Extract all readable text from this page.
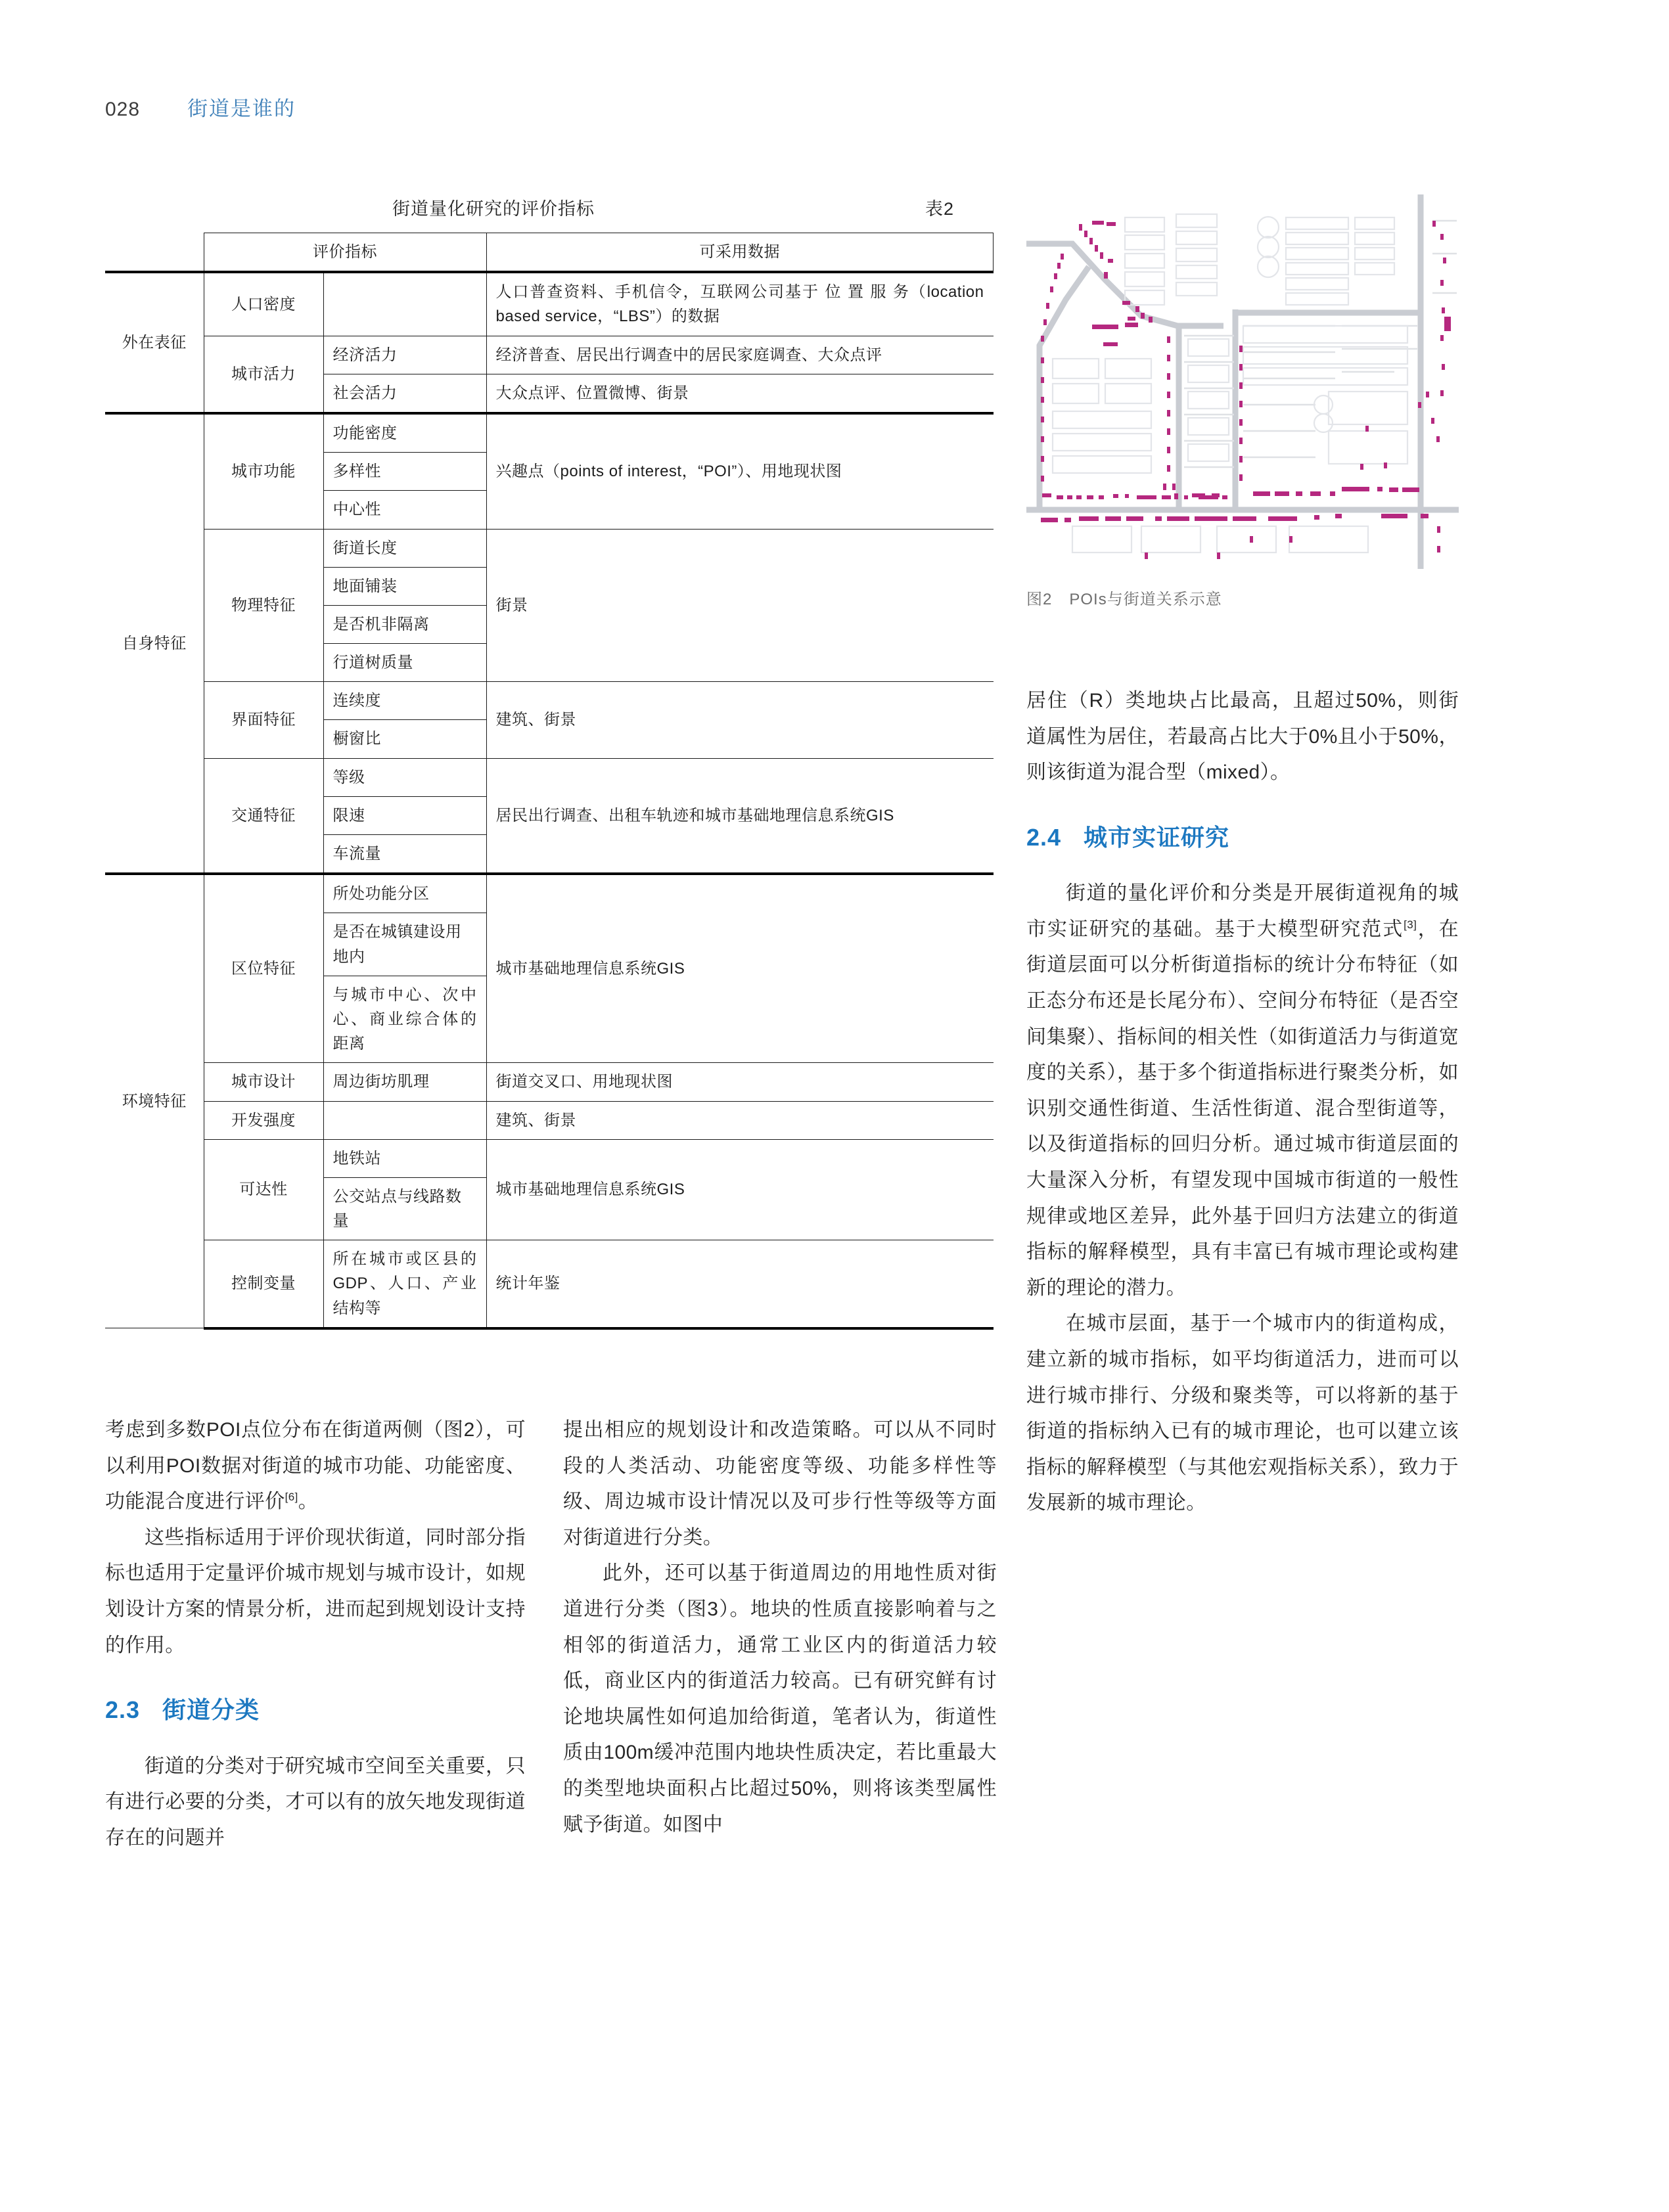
028 街道是谁的
街道量化研究的评价指标	表2
	评价指标		可采用数据
外在表征	人口密度		人口普查资料、手机信令，互联网公司基于 位 置 服 务（location based service，“LBS”）的数据
	城市活力	经济活力	经济普查、居民出行调查中的居民家庭调查、大众点评
		社会活力	大众点评、位置微博、街景
自身特征	城市功能	功能密度	兴趣点（points of interest，“POI”）、用地现状图
		多样性	
		中心性	
	物理特征	街道长度	街景
		地面铺装	
		是否机非隔离	
		行道树质量	
	界面特征	连续度	建筑、街景
		橱窗比	
	交通特征	等级	居民出行调查、出租车轨迹和城市基础地理信息系统GIS
		限速	
		车流量	
环境特征	区位特征	所处功能分区	城市基础地理信息系统GIS
		是否在城镇建设用地内	
		与城市中心、次中心、商业综合体的距离	
	城市设计	周边街坊肌理	街道交叉口、用地现状图
	开发强度		建筑、街景
	可达性	地铁站	城市基础地理信息系统GIS
		公交站点与线路数量	
	控制变量	所在城市或区县的GDP、人口、产业结构等	统计年鉴
图2 POIs与街道关系示意

居住（R）类地块占比最高，且超过50%，则街道属性为居住，若最高占比大于0%且小于50%，则该街道为混合型（mixed）。

2.4 城市实证研究

街道的量化评价和分类是开展街道视角的城市实证研究的基础。基于大模型研究范式[3]，在街道层面可以分析街道指标的统计分布特征（如正态分布还是长尾分布）、空间分布特征（是否空间集聚）、指标间的相关性（如街道活力与街道宽度的关系），基于多个街道指标进行聚类分析，如识别交通性街道、生活性街道、混合型街道等，以及街道指标的回归分析。通过城市街道层面的大量深入分析，有望发现中国城市街道的一般性规律或地区差异，此外基于回归方法建立的街道指标的解释模型，具有丰富已有城市理论或构建新的理论的潜力。

在城市层面，基于一个城市内的街道构成，建立新的城市指标，如平均街道活力，进而可以进行城市排行、分级和聚类等，可以将新的基于街道的指标纳入已有的城市理论，也可以建立该指标的解释模型（与其他宏观指标关系），致力于发展新的城市理论。

考虑到多数POI点位分布在街道两侧（图2），可以利用POI数据对街道的城市功能、功能密度、功能混合度进行评价[6]。

这些指标适用于评价现状街道，同时部分指标也适用于定量评价城市规划与城市设计，如规划设计方案的情景分析，进而起到规划设计支持的作用。

2.3 街道分类

街道的分类对于研究城市空间至关重要，只有进行必要的分类，才可以有的放矢地发现街道存在的问题并

提出相应的规划设计和改造策略。可以从不同时段的人类活动、功能密度等级、功能多样性等级、周边城市设计情况以及可步行性等级等方面对街道进行分类。

此外，还可以基于街道周边的用地性质对街道进行分类（图3）。地块的性质直接影响着与之相邻的街道活力，通常工业区内的街道活力较低，商业区内的街道活力较高。已有研究鲜有讨论地块属性如何追加给街道，笔者认为，街道性质由100m缓冲范围内地块性质决定，若比重最大的类型地块面积占比超过50%，则将该类型属性赋予街道。如图中
